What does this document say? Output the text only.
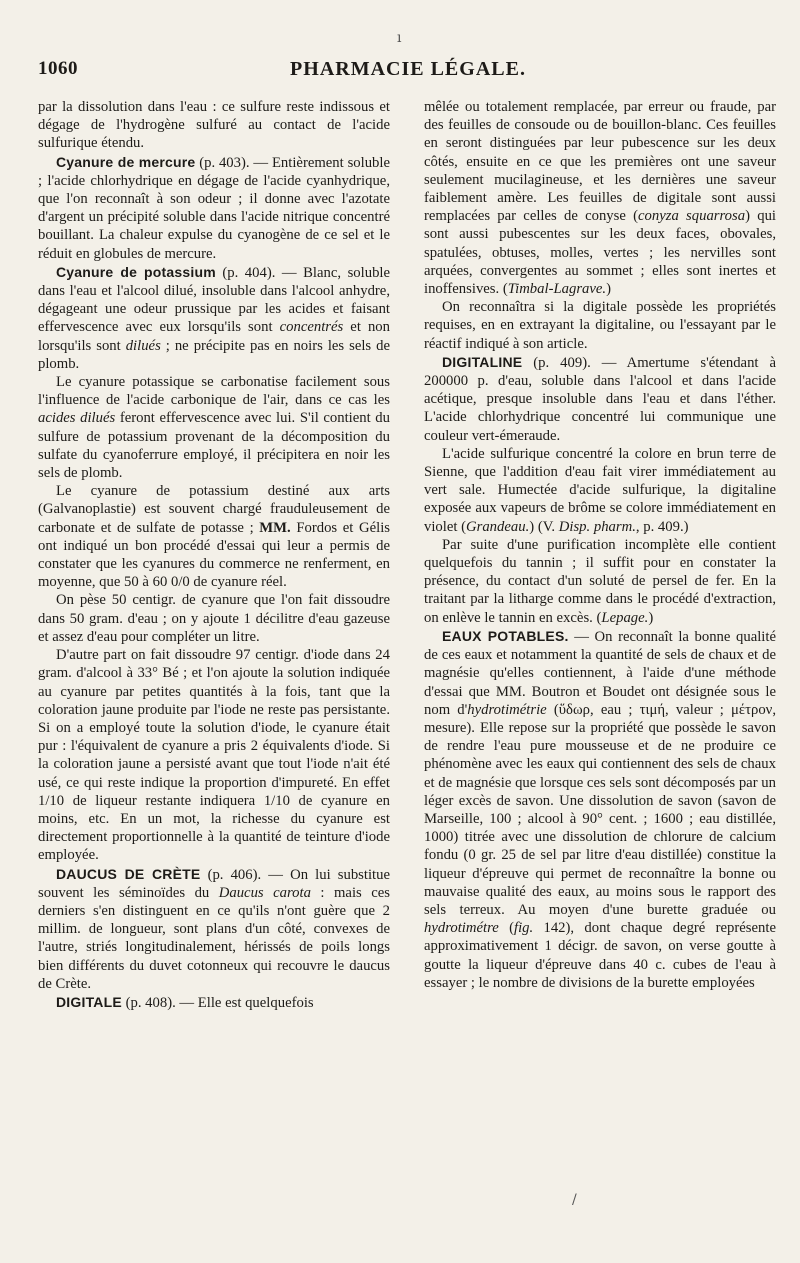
ı
1060	PHARMACIE LÉGALE.

par la dissolution dans l'eau : ce sulfure reste indissous et dégage de l'hydrogène sulfuré au contact de l'acide sulfurique étendu.

Cyanure de mercure (p. 403). — Entièrement soluble ; l'acide chlorhydrique en dégage de l'acide cyanhydrique, que l'on reconnaît à son odeur ; il donne avec l'azotate d'argent un précipité soluble dans l'acide nitrique concentré bouillant. La chaleur expulse du cyanogène de ce sel et le réduit en globules de mercure.

Cyanure de potassium (p. 404). — Blanc, soluble dans l'eau et l'alcool dilué, insoluble dans l'alcool anhydre, dégageant une odeur prussique par les acides et faisant effervescence avec eux lorsqu'ils sont concentrés et non lorsqu'ils sont dilués ; ne précipite pas en noirs les sels de plomb.

Le cyanure potassique se carbonatise facilement sous l'influence de l'acide carbonique de l'air, dans ce cas les acides dilués feront effervescence avec lui. S'il contient du sulfure de potassium provenant de la décomposition du sulfate du cyanoferrure employé, il précipitera en noir les sels de plomb.

Le cyanure de potassium destiné aux arts (Galvanoplastie) est souvent chargé frauduleusement de carbonate et de sulfate de potasse ; MM. Fordos et Gélis ont indiqué un bon procédé d'essai qui leur a permis de constater que les cyanures du commerce ne renferment, en moyenne, que 50 à 60 0/0 de cyanure réel.

On pèse 50 centigr. de cyanure que l'on fait dissoudre dans 50 gram. d'eau ; on y ajoute 1 décilitre d'eau gazeuse et assez d'eau pour compléter un litre.

D'autre part on fait dissoudre 97 centigr. d'iode dans 24 gram. d'alcool à 33° Bé ; et l'on ajoute la solution indiquée au cyanure par petites quantités à la fois, tant que la coloration jaune produite par l'iode ne reste pas persistante. Si on a employé toute la solution d'iode, le cyanure était pur : l'équivalent de cyanure a pris 2 équivalents d'iode. Si la coloration jaune a persisté avant que tout l'iode n'ait été usé, ce qui reste indique la proportion d'impureté. En effet 1/10 de liqueur restante indiquera 1/10 de cyanure en moins, etc. En un mot, la richesse du cyanure est directement proportionnelle à la quantité de teinture d'iode employée.

DAUCUS DE CRÈTE (p. 406). — On lui substitue souvent les séminoïdes du Daucus carota : mais ces derniers s'en distinguent en ce qu'ils n'ont guère que 2 millim. de longueur, sont plans d'un côté, convexes de l'autre, striés longitudinalement, hérissés de poils longs bien différents du duvet cotonneux qui recouvre le daucus de Crète.

DIGITALE (p. 408). — Elle est quelquefois

mêlée ou totalement remplacée, par erreur ou fraude, par des feuilles de consoude ou de bouillon-blanc. Ces feuilles en seront distinguées par leur pubescence sur les deux côtés, ensuite en ce que les premières ont une saveur seulement mucilagineuse, et les dernières une saveur faiblement amère. Les feuilles de digitale sont aussi remplacées par celles de conyse (conyza squarrosa) qui sont aussi pubescentes sur les deux faces, obovales, spatulées, obtuses, molles, vertes ; les nervilles sont arquées, convergentes au sommet ; elles sont inertes et inoffensives. (Timbal-Lagrave.)

On reconnaîtra si la digitale possède les propriétés requises, en en extrayant la digitaline, ou l'essayant par le réactif indiqué à son article.

DIGITALINE (p. 409). — Amertume s'étendant à 200000 p. d'eau, soluble dans l'alcool et dans l'acide acétique, presque insoluble dans l'eau et dans l'éther. L'acide chlorhydrique concentré lui communique une couleur vert-émeraude.

L'acide sulfurique concentré la colore en brun terre de Sienne, que l'addition d'eau fait virer immédiatement au vert sale. Humectée d'acide sulfurique, la digitaline exposée aux vapeurs de brôme se colore immédiatement en violet (Grandeau.) (V. Disp. pharm., p. 409.)

Par suite d'une purification incomplète elle contient quelquefois du tannin ; il suffit pour en constater la présence, du contact d'un soluté de persel de fer. En la traitant par la litharge comme dans le procédé d'extraction, on enlève le tannin en excès. (Lepage.)

EAUX POTABLES. — On reconnaît la bonne qualité de ces eaux et notamment la quantité de sels de chaux et de magnésie qu'elles contiennent, à l'aide d'une méthode d'essai que MM. Boutron et Boudet ont désignée sous le nom d'hydrotimétrie (ὕδωρ, eau ; τιμή, valeur ; μέτρον, mesure). Elle repose sur la propriété que possède le savon de rendre l'eau pure mousseuse et de ne produire ce phénomène avec les eaux qui contiennent des sels de chaux et de magnésie que lorsque ces sels sont décomposés par un léger excès de savon. Une dissolution de savon (savon de Marseille, 100 ; alcool à 90° cent. ; 1600 ; eau distillée, 1000) titrée avec une dissolution de chlorure de calcium fondu (0 gr. 25 de sel par litre d'eau distillée) constitue la liqueur d'épreuve qui permet de reconnaître la bonne ou mauvaise qualité des eaux, au moins sous le rapport des sels terreux. Au moyen d'une burette graduée ou hydrotimétre (fig. 142), dont chaque degré représente approximativement 1 décigr. de savon, on verse goutte à goutte la liqueur d'épreuve dans 40 c. cubes de l'eau à essayer ; le nombre de divisions de la burette employées

/
